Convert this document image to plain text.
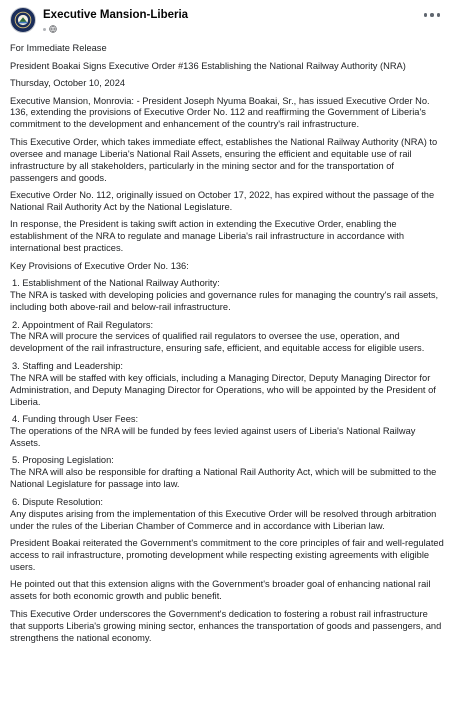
Executive Mansion-Liberia

For Immediate Release

President Boakai Signs Executive Order #136 Establishing the National Railway Authority (NRA)

Thursday, October 10, 2024

Executive Mansion, Monrovia: - President Joseph Nyuma Boakai, Sr., has issued Executive Order No. 136, extending the provisions of Executive Order No. 112 and reaffirming the Government of Liberia's commitment to the development and enhancement of the country's rail infrastructure.

This Executive Order, which takes immediate effect, establishes the National Railway Authority (NRA) to oversee and manage Liberia's National Rail Assets, ensuring the efficient and equitable use of rail infrastructure by all stakeholders, particularly in the mining sector and for the transportation of passengers and goods.

Executive Order No. 112, originally issued on October 17, 2022, has expired without the passage of the National Rail Authority Act by the National Legislature.

In response, the President is taking swift action in extending the Executive Order, enabling the establishment of the NRA to regulate and manage Liberia's rail infrastructure in accordance with international best practices.

Key Provisions of Executive Order No. 136:

1. Establishment of the National Railway Authority:
The NRA is tasked with developing policies and governance rules for managing the country's rail assets, including both above-rail and below-rail infrastructure.

2. Appointment of Rail Regulators:
The NRA will procure the services of qualified rail regulators to oversee the use, operation, and development of the rail infrastructure, ensuring safe, efficient, and equitable access for eligible users.

3. Staffing and Leadership:
The NRA will be staffed with key officials, including a Managing Director, Deputy Managing Director for Administration, and Deputy Managing Director for Operations, who will be appointed by the President of Liberia.

4. Funding through User Fees:
The operations of the NRA will be funded by fees levied against users of Liberia's National Railway Assets.

5. Proposing Legislation:
The NRA will also be responsible for drafting a National Rail Authority Act, which will be submitted to the National Legislature for passage into law.

6. Dispute Resolution:
Any disputes arising from the implementation of this Executive Order will be resolved through arbitration under the rules of the Liberian Chamber of Commerce and in accordance with Liberian law.

President Boakai reiterated the Government's commitment to the core principles of fair and well-regulated access to rail infrastructure, promoting development while respecting existing agreements with eligible users.

He pointed out that this extension aligns with the Government's broader goal of enhancing national rail assets for both economic growth and public benefit.

This Executive Order underscores the Government's dedication to fostering a robust rail infrastructure that supports Liberia's growing mining sector, enhances the transportation of goods and passengers, and strengthens the national economy.
